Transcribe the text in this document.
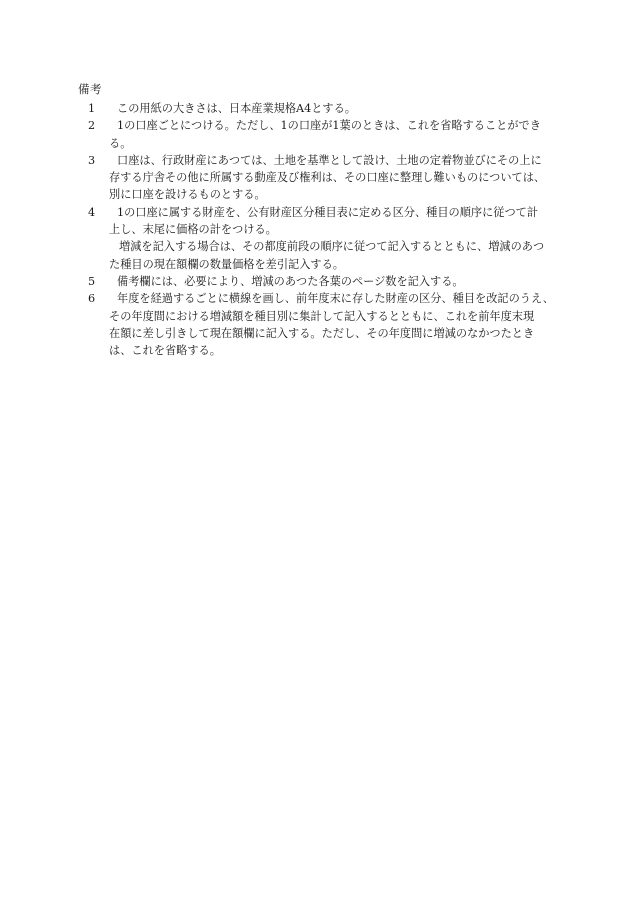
備考
1	この用紙の大きさは、日本産業規格A4とする。
2	1の口座ごとにつける。ただし、1の口座が1葉のときは、これを省略することができ
る。
3	口座は、行政財産にあつては、土地を基準として設け、土地の定着物並びにその上に
存する庁舎その他に所属する動産及び権利は、その口座に整理し難いものについては、
別に口座を設けるものとする。
4	1の口座に属する財産を、公有財産区分種目表に定める区分、種目の順序に従つて計
上し、末尾に価格の計をつける。
増減を記入する場合は、その都度前段の順序に従つて記入するとともに、増減のあつ
た種目の現在額欄の数量価格を差引記入する。
5	備考欄には、必要により、増減のあつた各葉のページ数を記入する。
6	年度を経過するごとに横線を画し、前年度末に存した財産の区分、種目を改記のうえ、
その年度間における増減額を種目別に集計して記入するとともに、これを前年度末現
在額に差し引きして現在額欄に記入する。ただし、その年度間に増減のなかつたとき
は、これを省略する。
